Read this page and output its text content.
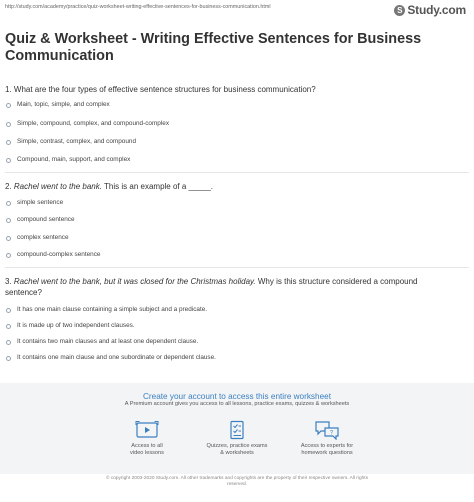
http://study.com/academy/practice/quiz-worksheet-writing-effective-sentences-for-business-communication.html	S Study.com
Quiz & Worksheet - Writing Effective Sentences for Business Communication
1. What are the four types of effective sentence structures for business communication?
Main, topic, simple, and complex
Simple, compound, complex, and compound-complex
Simple, contrast, complex, and compound
Compound, main, support, and complex
2. Rachel went to the bank. This is an example of a _____.
simple sentence
compound sentence
complex sentence
compound-complex sentence
3. Rachel went to the bank, but it was closed for the Christmas holiday. Why is this structure considered a compound sentence?
It has one main clause containing a simple subject and a predicate.
It is made up of two independent clauses.
It contains two main clauses and at least one dependent clause.
It contains one main clause and one subordinate or dependent clause.
Create your account to access this entire worksheet
A Premium account gives you access to all lessons, practice exams, quizzes & worksheets
Access to all
video lessons
Quizzes, practice exams
& worksheets
?
Access to experts for
homework questions
© copyright 2003-2020 Study.com. All other trademarks and copyrights are the property of their respective owners. All rights
reserved.
